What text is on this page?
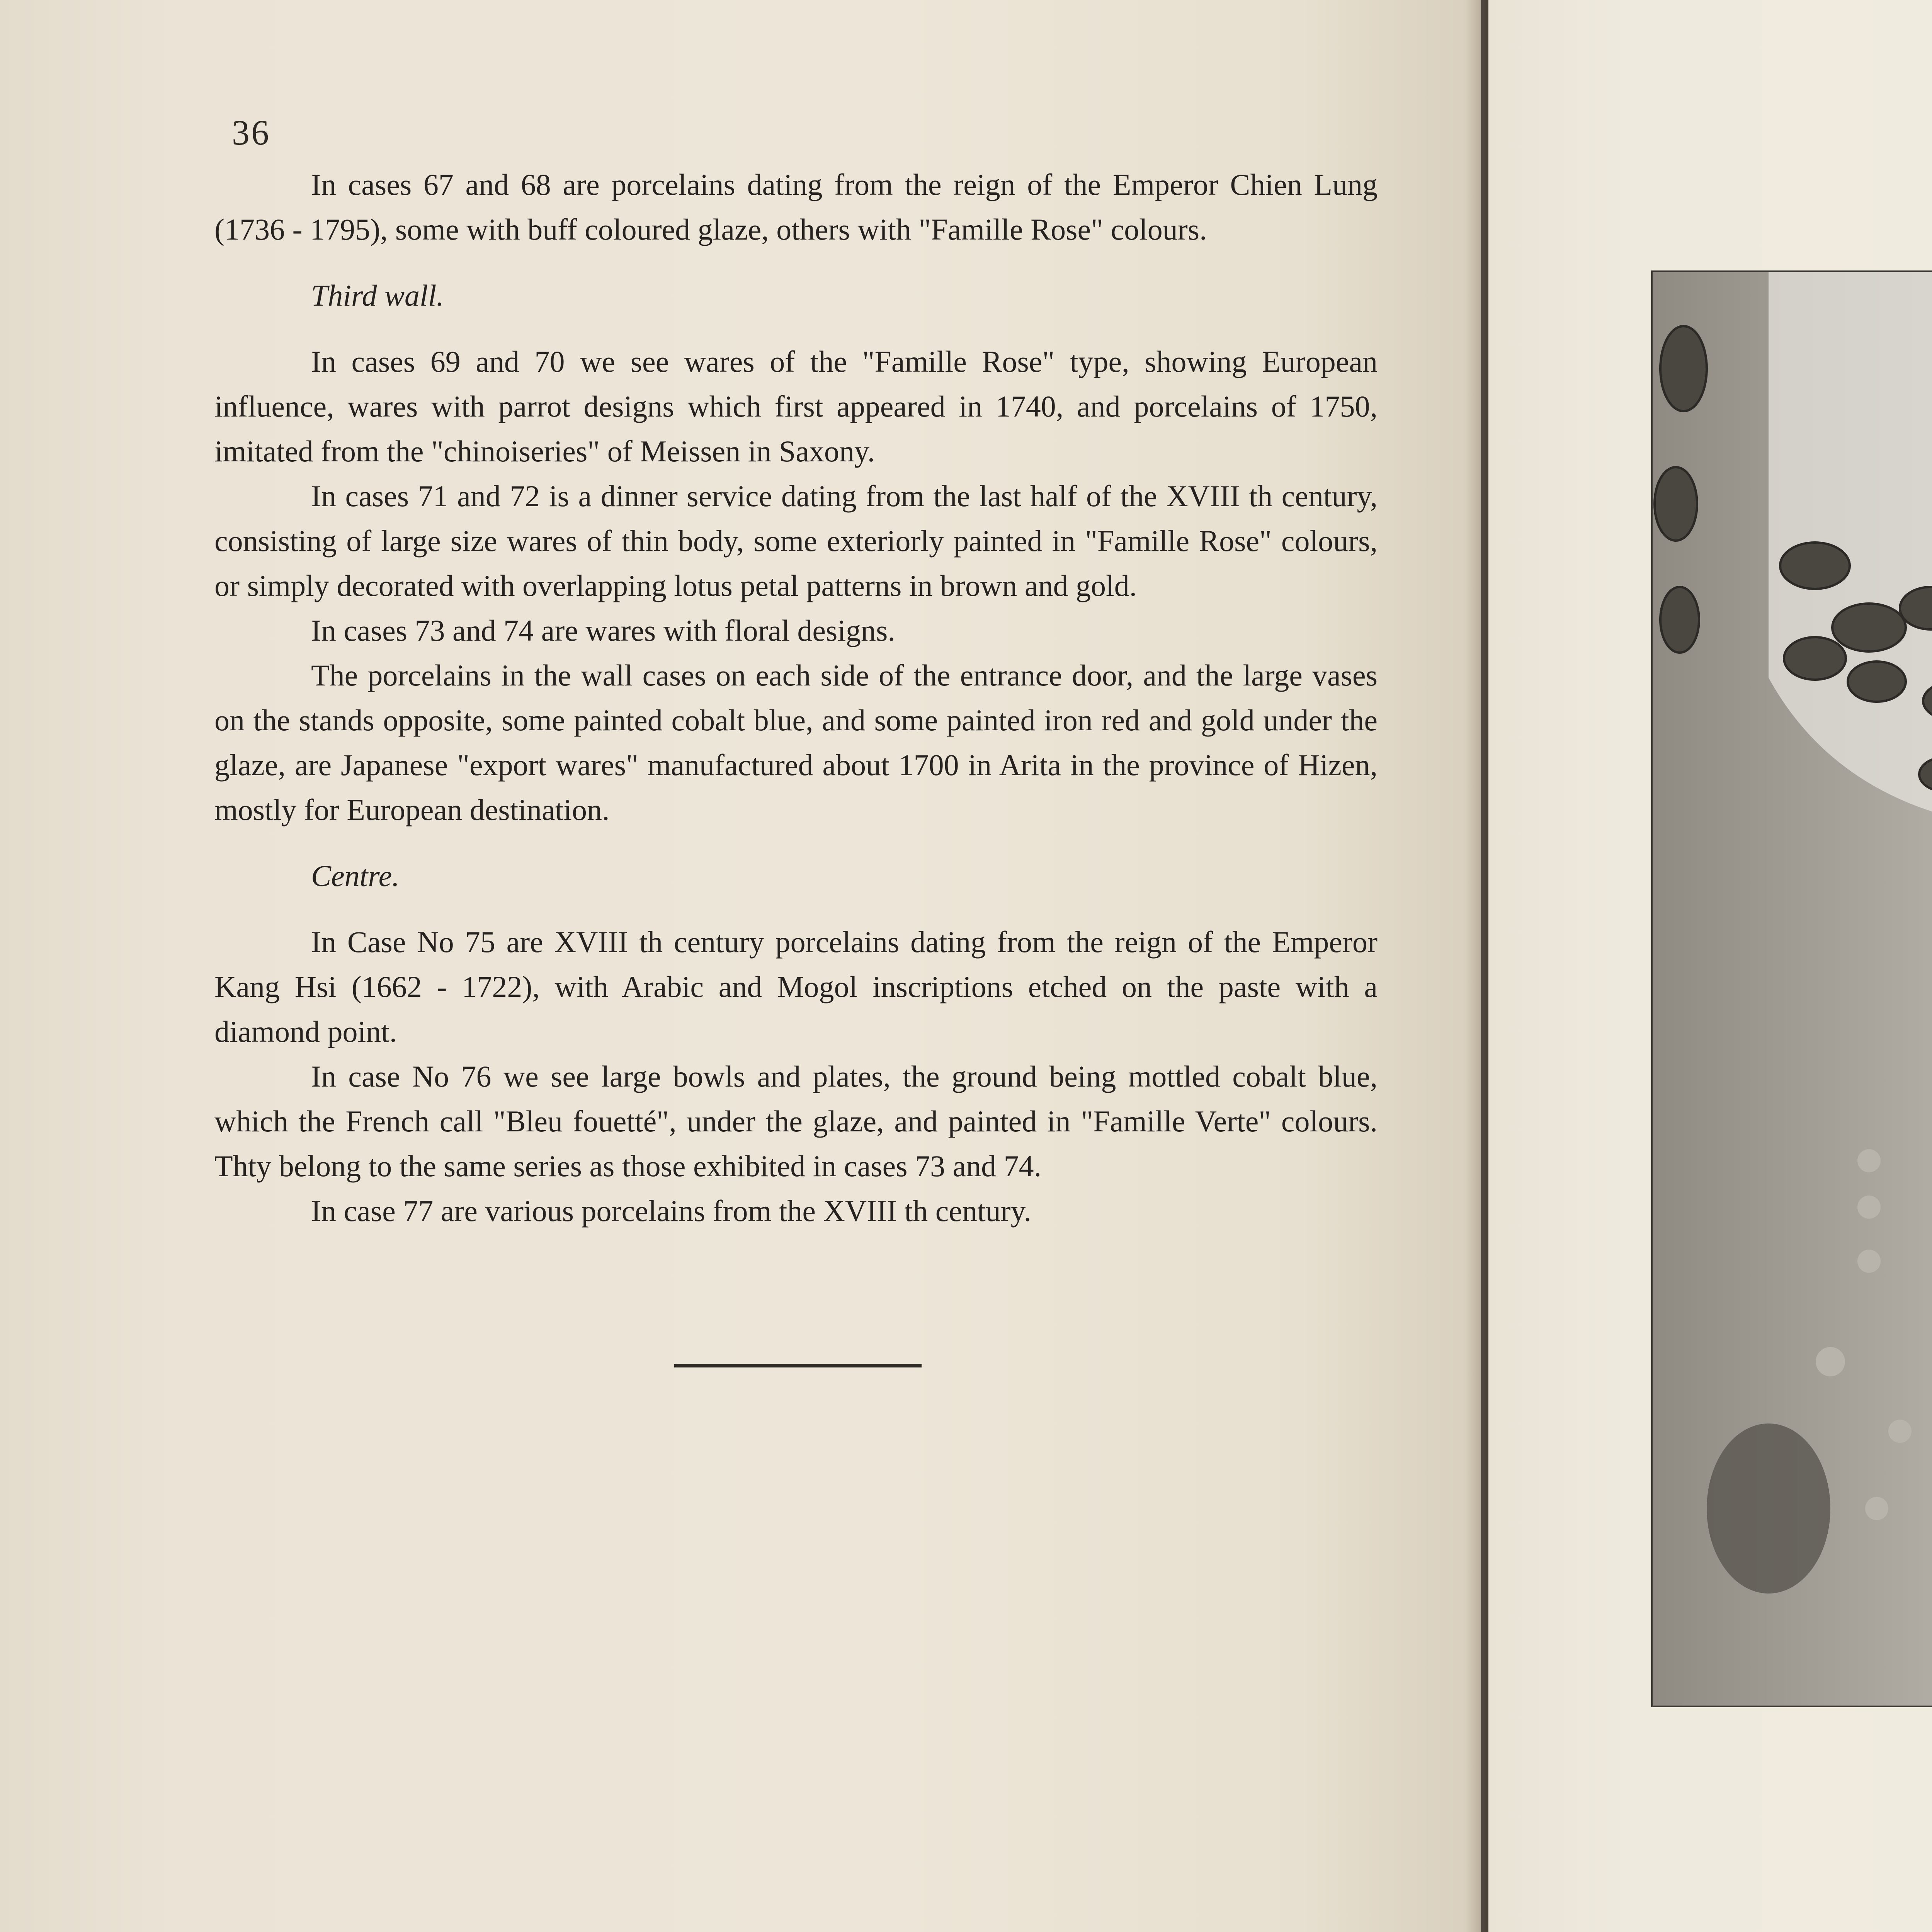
36

In cases 67 and 68 are porcelains dating from the reign of the Emperor Chien Lung (1736 - 1795), some with buff coloured glaze, others with "Famille Rose" colours.

Third wall.

In cases 69 and 70 we see wares of the "Famille Rose" type, showing European influence, wares with parrot designs which first appeared in 1740, and porcelains of 1750, imitated from the "chinoiseries" of Meissen in Saxony.

In cases 71 and 72 is a dinner service dating from the last half of the XVIII th century, consisting of large size wares of thin body, some exteriorly painted in "Famille Rose" colours, or simply decorated with overlapping lotus petal patterns in brown and gold.

In cases 73 and 74 are wares with floral designs.

The porcelains in the wall cases on each side of the entrance door, and the large vases on the stands opposite, some painted cobalt blue, and some painted iron red and gold under the glaze, are Japanese "export wares" manufactured about 1700 in Arita in the province of Hizen, mostly for European destination.

Centre.

In Case No 75 are XVIII th century porcelains dating from the reign of the Emperor Kang Hsi (1662 - 1722), with Arabic and Mogol inscriptions etched on the paste with a diamond point.

In case No 76 we see large bowls and plates, the ground being mottled cobalt blue, which the French call "Bleu fouetté", under the glaze, and painted in "Famille Verte" colours. Thty belong to the same series as those exhibited in cases 73 and 74.

In case 77 are various porcelains from the XVIII th century.
